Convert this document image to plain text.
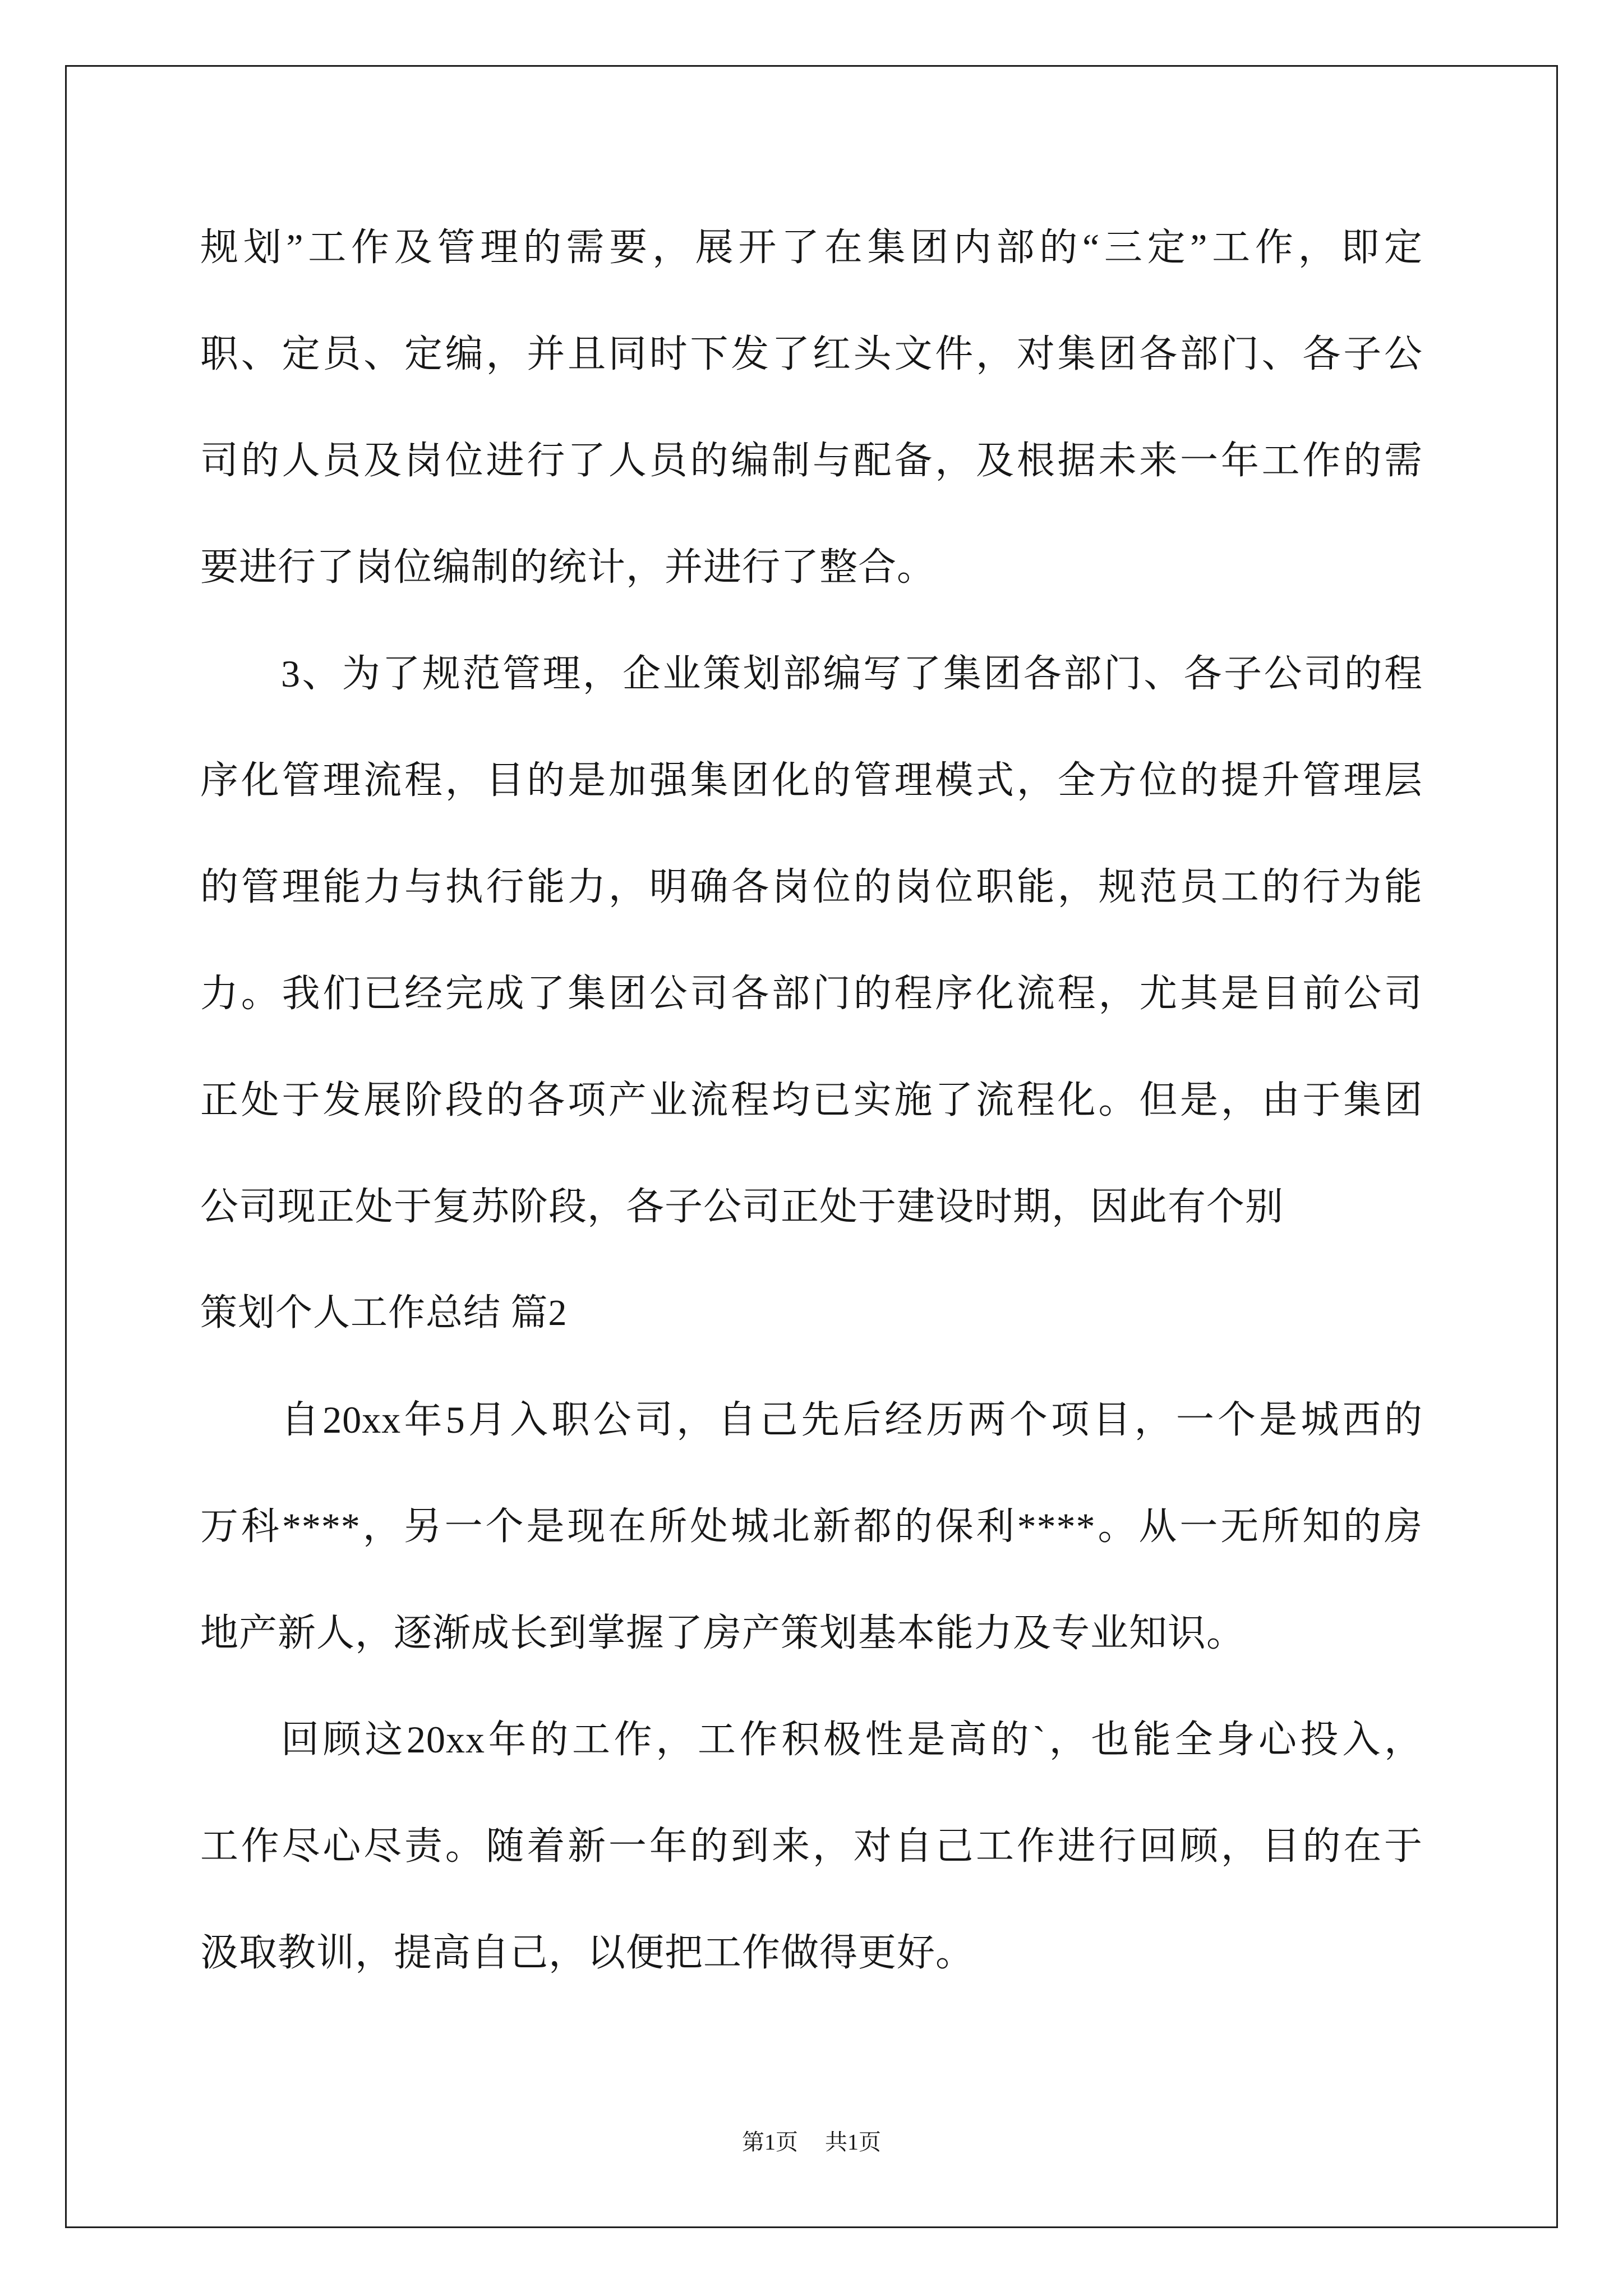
规划”工作及管理的需要，展开了在集团内部的“三定”工作，即定
职、定员、定编，并且同时下发了红头文件，对集团各部门、各子公
司的人员及岗位进行了人员的编制与配备，及根据未来一年工作的需
要进行了岗位编制的统计，并进行了整合。
3、为了规范管理，企业策划部编写了集团各部门、各子公司的程
序化管理流程，目的是加强集团化的管理模式，全方位的提升管理层
的管理能力与执行能力，明确各岗位的岗位职能，规范员工的行为能
力。我们已经完成了集团公司各部门的程序化流程，尤其是目前公司
正处于发展阶段的各项产业流程均已实施了流程化。但是，由于集团
公司现正处于复苏阶段，各子公司正处于建设时期，因此有个别
策划个人工作总结 篇2
自20xx年5月入职公司，自己先后经历两个项目，一个是城西的
万科****，另一个是现在所处城北新都的保利****。从一无所知的房
地产新人，逐渐成长到掌握了房产策划基本能力及专业知识。
回顾这20xx年的工作，工作积极性是高的`，也能全身心投入，
工作尽心尽责。随着新一年的到来，对自己工作进行回顾，目的在于
汲取教训，提高自己，以便把工作做得更好。
第1页 共1页
